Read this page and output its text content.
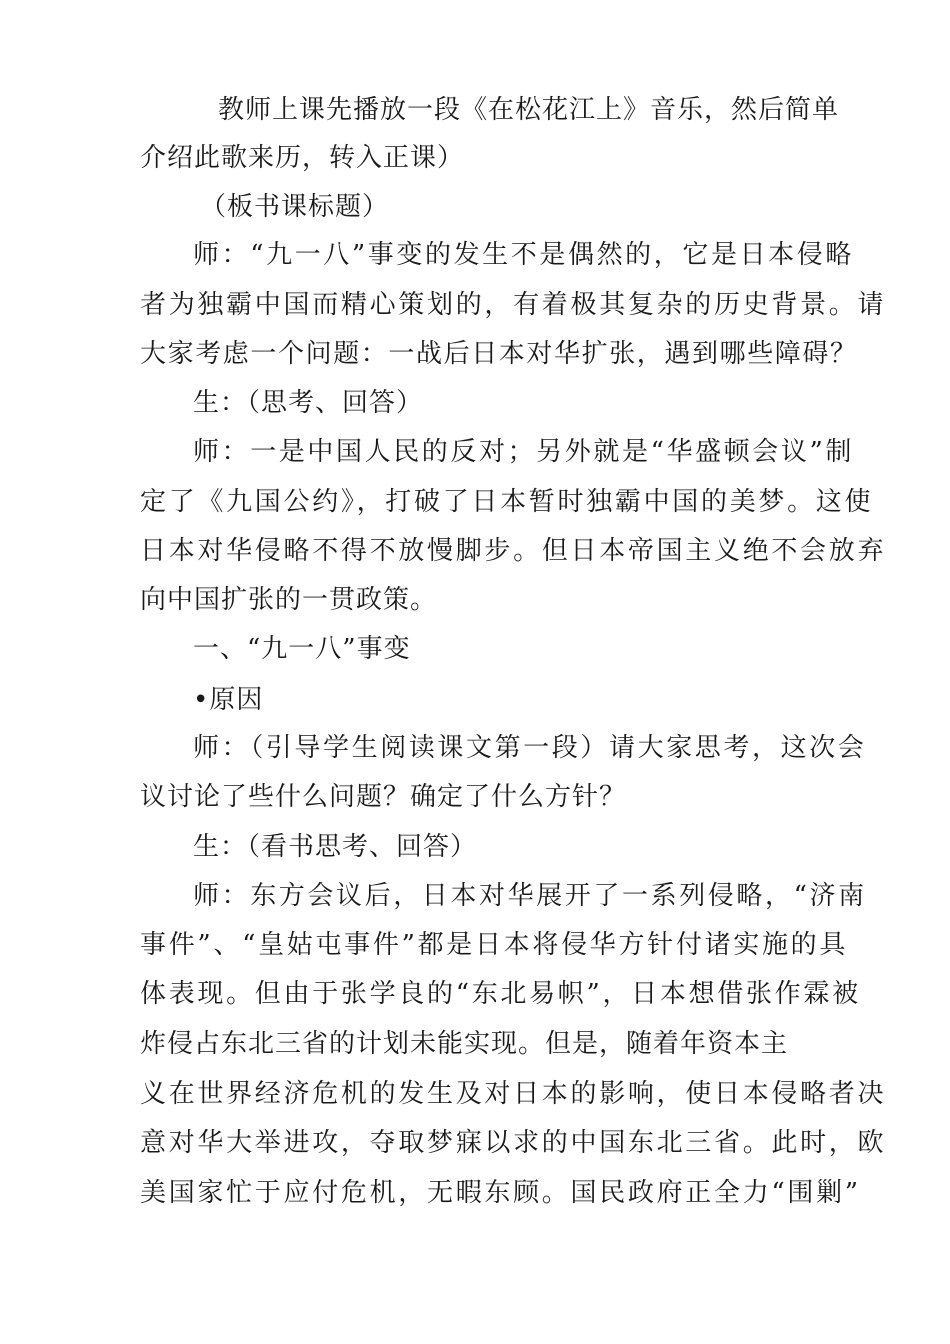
教师上课先播放一段《在松花江上》音乐，然后简单
介绍此歌来历，转入正课）
（板书课标题）
师：“九一八”事变的发生不是偶然的，它是日本侵略
者为独霸中国而精心策划的，有着极其复杂的历史背景。请
大家考虑一个问题：一战后日本对华扩张，遇到哪些障碍？
生：（思考、回答）
师：一是中国人民的反对；另外就是“华盛顿会议”制
定了《九国公约》，打破了日本暂时独霸中国的美梦。这使
日本对华侵略不得不放慢脚步。但日本帝国主义绝不会放弃
向中国扩张的一贯政策。
一、“九一八”事变
•原因
师：（引导学生阅读课文第一段）请大家思考，这次会
议讨论了些什么问题？确定了什么方针？
生：（看书思考、回答）
师：东方会议后，日本对华展开了一系列侵略，“济南
事件”、“皇姑屯事件”都是日本将侵华方针付诸实施的具
体表现。但由于张学良的“东北易帜”，日本想借张作霖被
炸侵占东北三省的计划未能实现。但是，随着年资本主
义在世界经济危机的发生及对日本的影响，使日本侵略者决
意对华大举进攻，夺取梦寐以求的中国东北三省。此时，欧
美国家忙于应付危机，无暇东顾。国民政府正全力“围剿”
